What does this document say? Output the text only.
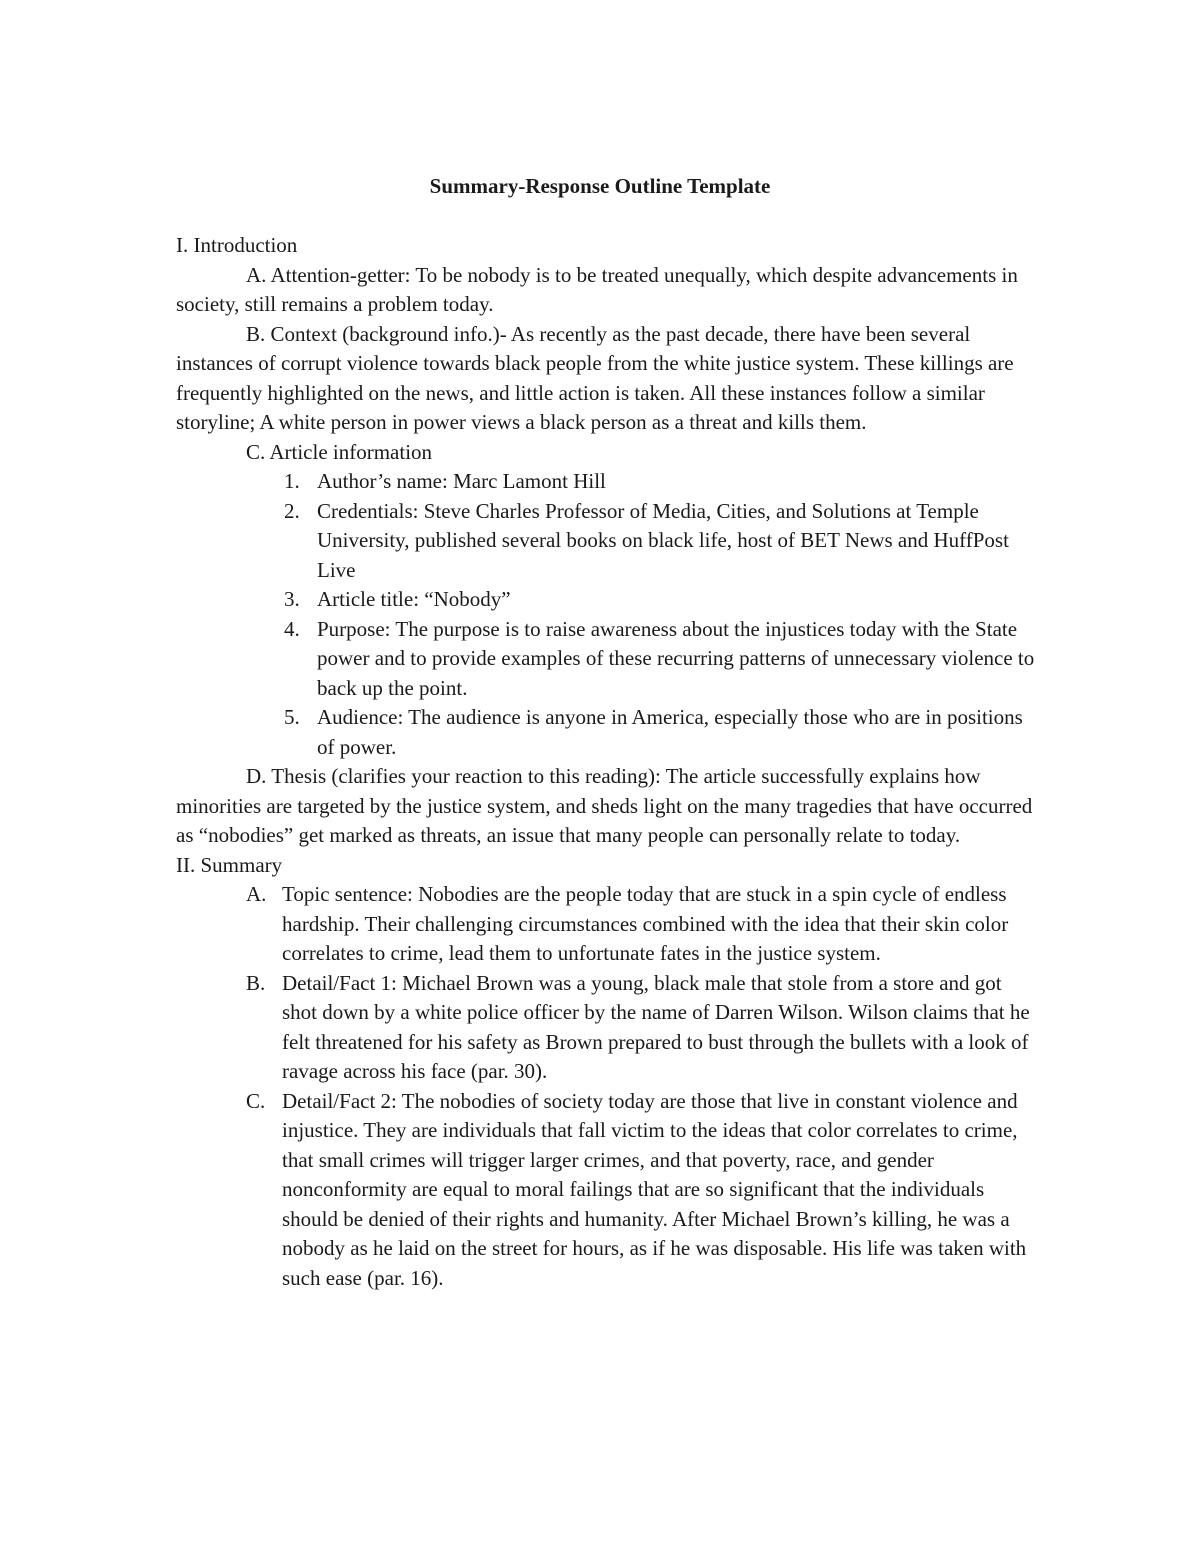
Summary-Response Outline Template

I. Introduction

A. Attention-getter: To be nobody is to be treated unequally, which despite advancements in society, still remains a problem today.

B. Context (background info.)- As recently as the past decade, there have been several instances of corrupt violence towards black people from the white justice system. These killings are frequently highlighted on the news, and little action is taken. All these instances follow a similar storyline; A white person in power views a black person as a threat and kills them.

C. Article information

1. Author’s name: Marc Lamont Hill
2. Credentials: Steve Charles Professor of Media, Cities, and Solutions at Temple University, published several books on black life, host of BET News and HuffPost Live
3. Article title: “Nobody”
4. Purpose: The purpose is to raise awareness about the injustices today with the State power and to provide examples of these recurring patterns of unnecessary violence to back up the point.
5. Audience: The audience is anyone in America, especially those who are in positions of power.

D. Thesis (clarifies your reaction to this reading): The article successfully explains how minorities are targeted by the justice system, and sheds light on the many tragedies that have occurred as “nobodies” get marked as threats, an issue that many people can personally relate to today.

II. Summary

A. Topic sentence: Nobodies are the people today that are stuck in a spin cycle of endless hardship. Their challenging circumstances combined with the idea that their skin color correlates to crime, lead them to unfortunate fates in the justice system.
B. Detail/Fact 1: Michael Brown was a young, black male that stole from a store and got shot down by a white police officer by the name of Darren Wilson. Wilson claims that he felt threatened for his safety as Brown prepared to bust through the bullets with a look of ravage across his face (par. 30).
C. Detail/Fact 2: The nobodies of society today are those that live in constant violence and injustice. They are individuals that fall victim to the ideas that color correlates to crime, that small crimes will trigger larger crimes, and that poverty, race, and gender nonconformity are equal to moral failings that are so significant that the individuals should be denied of their rights and humanity. After Michael Brown’s killing, he was a nobody as he laid on the street for hours, as if he was disposable. His life was taken with such ease (par. 16).
